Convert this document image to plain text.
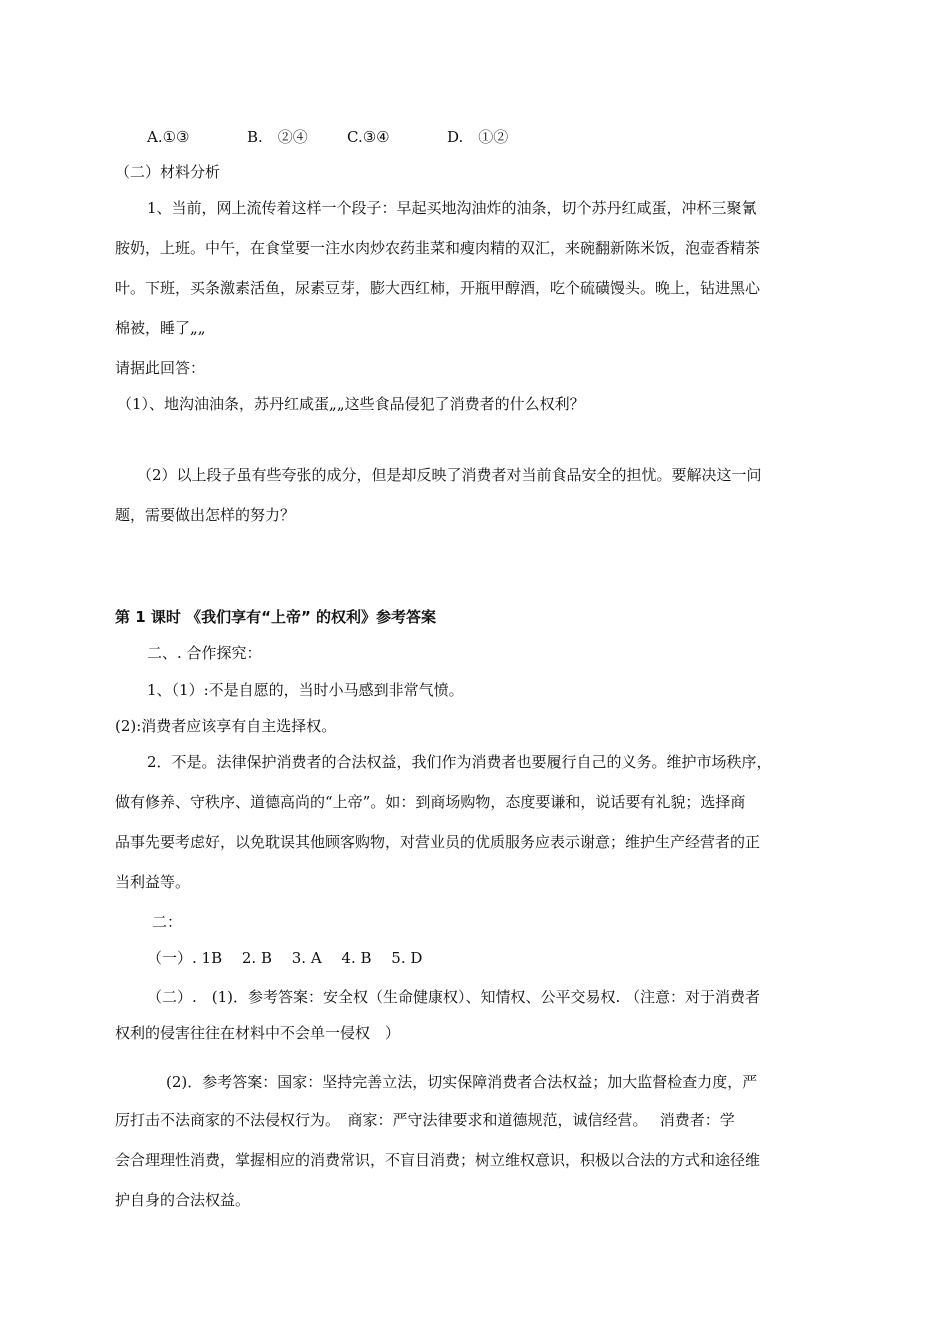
A.①③	B.　②④	C.③④	D.　①②
（二）材料分析
1、当前，网上流传着这样一个段子：早起买地沟油炸的油条，切个苏丹红咸蛋，冲杯三聚氰
胺奶，上班。中午，在食堂要一注水肉炒农药韭菜和瘦肉精的双汇，来碗翻新陈米饭，泡壶香精茶
叶。下班，买条激素活鱼，尿素豆芽，膨大西红柿，开瓶甲醇酒，吃个硫磺馒头。晚上，钻进黑心
棉被，睡了„„
请据此回答：
（1）、地沟油油条，苏丹红咸蛋„„这些食品侵犯了消费者的什么权利？
（2）以上段子虽有些夸张的成分，但是却反映了消费者对当前食品安全的担忧。要解决这一问
题，需要做出怎样的努力？
第 1 课时 《我们享有“上帝” 的权利》参考答案
二、. 合作探究：
1、（1）:不是自愿的，当时小马感到非常气愤。
(2):消费者应该享有自主选择权。
2．不是。法律保护消费者的合法权益，我们作为消费者也要履行自己的义务。维护市场秩序，
做有修养、守秩序、道德高尚的“上帝”。如：到商场购物，态度要谦和，说话要有礼貌；选择商
品事先要考虑好，以免耽误其他顾客购物，对营业员的优质服务应表示谢意；维护生产经营者的正
当利益等。
二：
（一）. 1B　 2. B　 3. A　 4. B　 5. D
（二）.　(1)．参考答案：安全权（生命健康权）、知情权、公平交易权. （注意：对于消费者
权利的侵害往往在材料中不会单一侵权　）
(2)．参考答案：国家：坚持完善立法，切实保障消费者合法权益；加大监督检查力度，严
厉打击不法商家的不法侵权行为。　商家：严守法律要求和道德规范，诚信经营。　 消费者：学
会合理理性消费，掌握相应的消费常识，不盲目消费；树立维权意识，积极以合法的方式和途径维
护自身的合法权益。
